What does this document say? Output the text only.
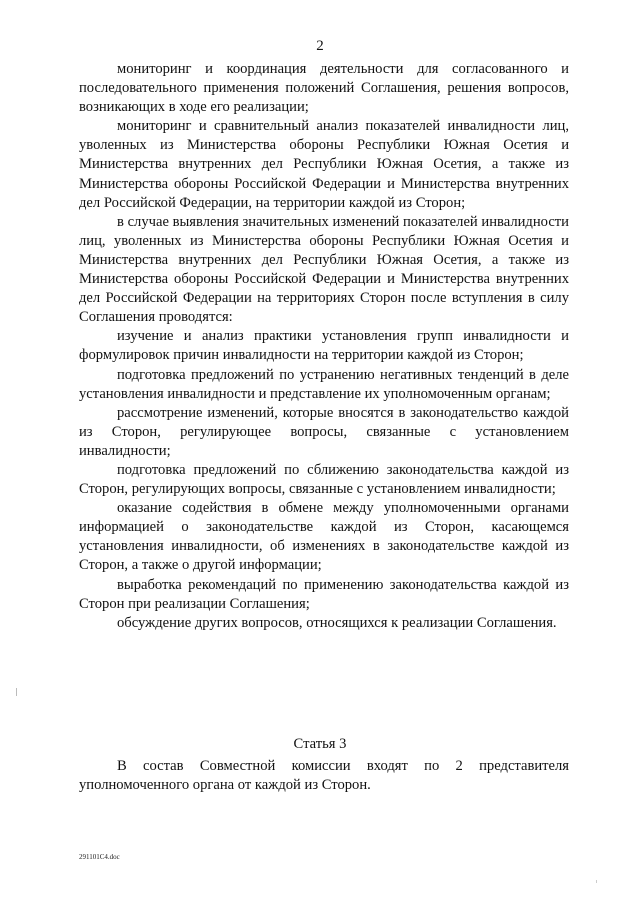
2

мониторинг и координация деятельности для согласованного и последовательного применения положений Соглашения, решения вопросов, возникающих в ходе его реализации;

мониторинг и сравнительный анализ показателей инвалидности лиц, уволенных из Министерства обороны Республики Южная Осетия и Министерства внутренних дел Республики Южная Осетия, а также из Министерства обороны Российской Федерации и Министерства внутренних дел Российской Федерации, на территории каждой из Сторон;

в случае выявления значительных изменений показателей инвалидности лиц, уволенных из Министерства обороны Республики Южная Осетия и Министерства внутренних дел Республики Южная Осетия, а также из Министерства обороны Российской Федерации и Министерства внутренних дел Российской Федерации на территориях Сторон после вступления в силу Соглашения проводятся:

изучение и анализ практики установления групп инвалидности и формулировок причин инвалидности на территории каждой из Сторон;

подготовка предложений по устранению негативных тенденций в деле установления инвалидности и представление их уполномоченным органам;

рассмотрение изменений, которые вносятся в законодательство каждой из Сторон, регулирующее вопросы, связанные с установлением инвалидности;

подготовка предложений по сближению законодательства каждой из Сторон, регулирующих вопросы, связанные с установлением инвалидности;

оказание содействия в обмене между уполномоченными органами информацией о законодательстве каждой из Сторон, касающемся установления инвалидности, об изменениях в законодательстве каждой из Сторон, а также о другой информации;

выработка рекомендаций по применению законодательства каждой из Сторон при реализации Соглашения;

обсуждение других вопросов, относящихся к реализации Соглашения.

Статья 3

В состав Совместной комиссии входят по 2 представителя уполномоченного органа от каждой из Сторон.

291101С4.doc
